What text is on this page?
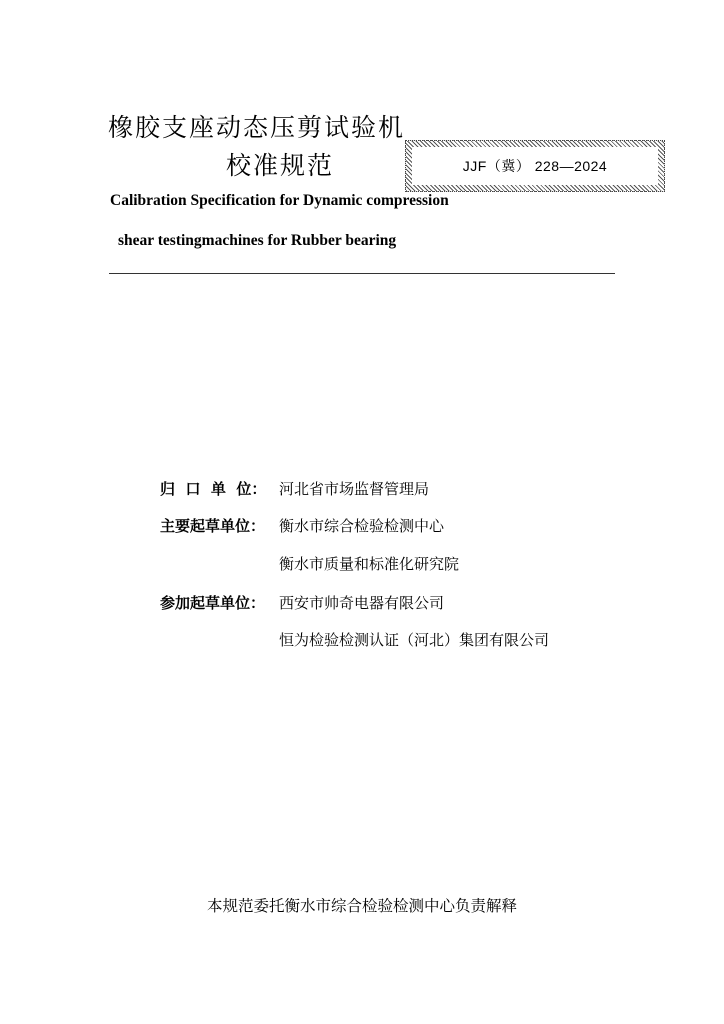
橡胶支座动态压剪试验机
校准规范	JJF（冀） 228—2024
Calibration Specification for Dynamic compression
shear testingmachines for Rubber bearing
归  口  单  位： 河北省市场监督管理局
主要起草单位： 衡水市综合检验检测中心
衡水市质量和标准化研究院
参加起草单位： 西安市帅奇电器有限公司
恒为检验检测认证（河北）集团有限公司
本规范委托衡水市综合检验检测中心负责解释
